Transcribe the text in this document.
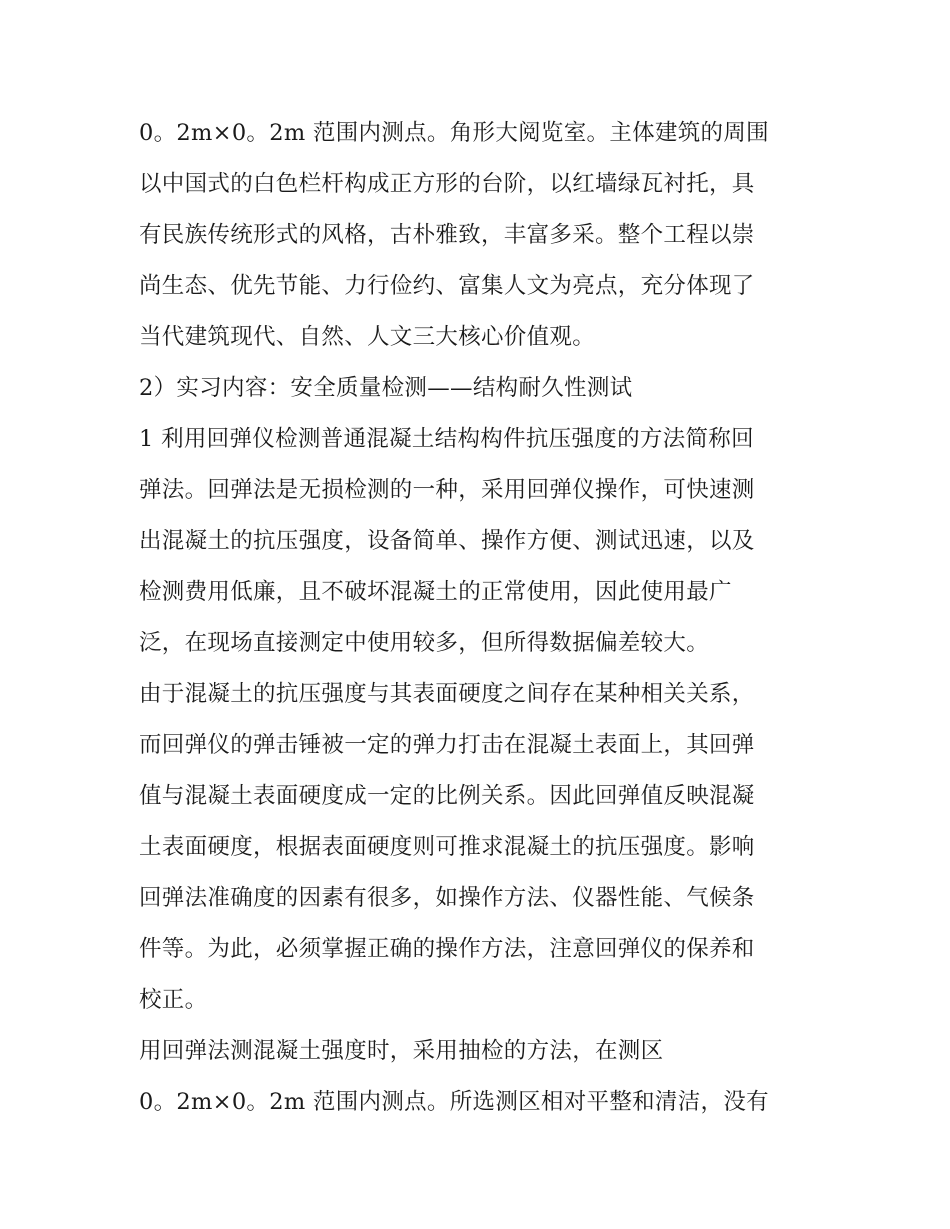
0。2m×0。2m 范围内测点。角形大阅览室。主体建筑的周围
以中国式的白色栏杆构成正方形的台阶，以红墙绿瓦衬托，具
有民族传统形式的风格，古朴雅致，丰富多采。整个工程以崇
尚生态、优先节能、力行俭约、富集人文为亮点，充分体现了
当代建筑现代、自然、人文三大核心价值观。
2）实习内容：安全质量检测——结构耐久性测试
1 利用回弹仪检测普通混凝土结构构件抗压强度的方法简称回
弹法。回弹法是无损检测的一种，采用回弹仪操作，可快速测
出混凝土的抗压强度，设备简单、操作方便、测试迅速，以及
检测费用低廉，且不破坏混凝土的正常使用，因此使用最广
泛，在现场直接测定中使用较多，但所得数据偏差较大。
由于混凝土的抗压强度与其表面硬度之间存在某种相关关系，
而回弹仪的弹击锤被一定的弹力打击在混凝土表面上，其回弹
值与混凝土表面硬度成一定的比例关系。因此回弹值反映混凝
土表面硬度，根据表面硬度则可推求混凝土的抗压强度。影响
回弹法准确度的因素有很多，如操作方法、仪器性能、气候条
件等。为此，必须掌握正确的操作方法，注意回弹仪的保养和
校正。
用回弹法测混凝土强度时，采用抽检的方法，在测区
0。2m×0。2m 范围内测点。所选测区相对平整和清洁，没有
